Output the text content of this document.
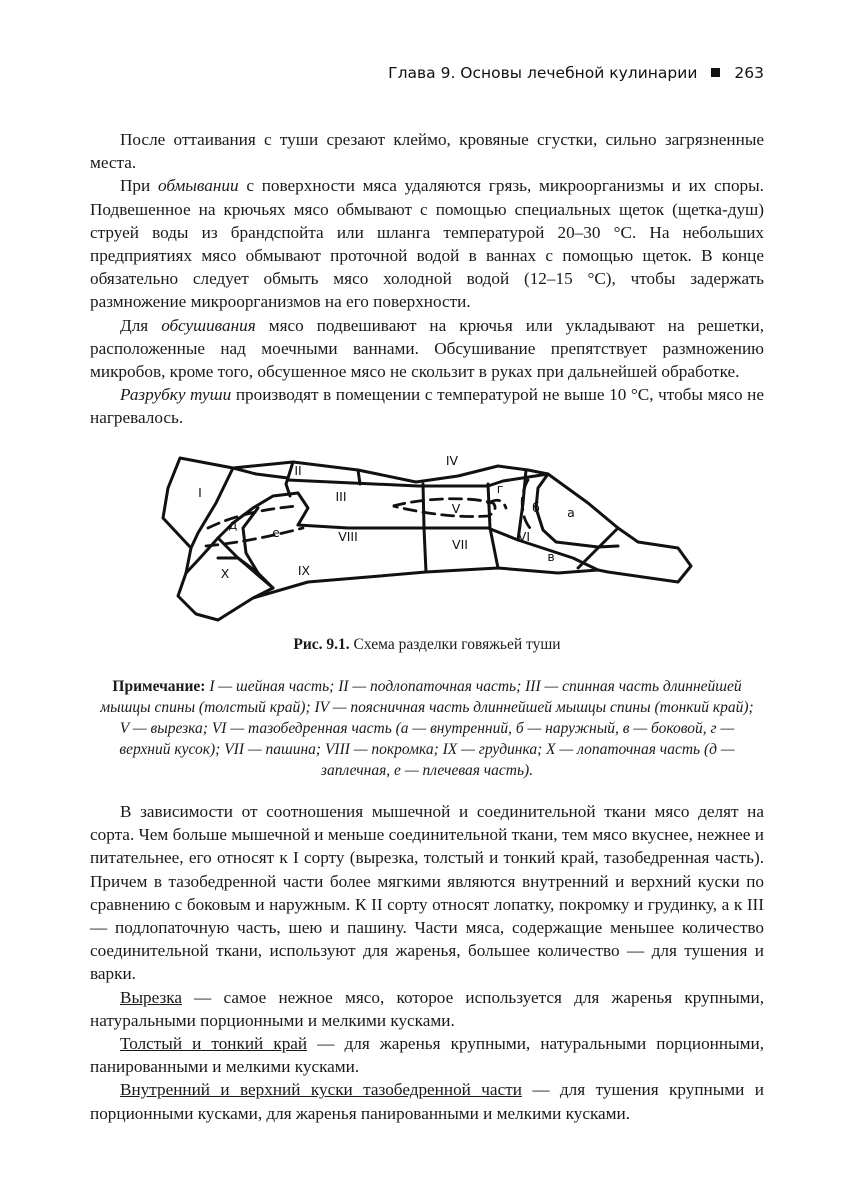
Глава 9. Основы лечебной кулинарии 263

После оттаивания с туши срезают клеймо, кровяные сгустки, сильно загрязненные места.

При обмывании с поверхности мяса удаляются грязь, микроорганизмы и их споры. Подвешенное на крючьях мясо обмывают с помощью специальных щеток (щетка-душ) струей воды из брандспойта или шланга температурой 20–30 °С. На небольших предприятиях мясо обмывают проточной водой в ваннах с помощью щеток. В конце обязательно следует обмыть мясо холодной водой (12–15 °С), чтобы задержать размножение микроорганизмов на его поверхности.

Для обсушивания мясо подвешивают на крючья или укладывают на решетки, расположенные над моечными ваннами. Обсушивание препятствует размножению микробов, кроме того, обсушенное мясо не скользит в руках при дальнейшей обработке.

Разрубку туши производят в помещении с температурой не выше 10 °С, чтобы мясо не нагревалось.

I
II
III
IV
V
VI
VII
VIII
IX
X
а
б
в
г
д
е
Рис. 9.1. Схема разделки говяжьей туши
Примечание: I — шейная часть; II — подлопаточная часть; III — спинная часть длиннейшей мышцы спины (толстый край); IV — поясничная часть длиннейшей мышцы спины (тонкий край); V — вырезка; VI — тазобедренная часть (а — внутренний, б — наружный, в — боковой, г — верхний кусок); VII — пашина; VIII — покромка; IX — грудинка; X — лопаточная часть (д — заплечная, е — плечевая часть).

В зависимости от соотношения мышечной и соединительной ткани мясо делят на сорта. Чем больше мышечной и меньше соединительной ткани, тем мясо вкуснее, нежнее и питательнее, его относят к I сорту (вырезка, толстый и тонкий край, тазобедренная часть). Причем в тазобедренной части более мягкими являются внутренний и верхний куски по сравнению с боковым и наружным. К II сорту относят лопатку, покромку и грудинку, а к III — подлопаточную часть, шею и пашину. Части мяса, содержащие меньшее количество соединительной ткани, используют для жаренья, большее количество — для тушения и варки.

Вырезка — самое нежное мясо, которое используется для жаренья крупными, натуральными порционными и мелкими кусками.

Толстый и тонкий край — для жаренья крупными, натуральными порционными, панированными и мелкими кусками.

Внутренний и верхний куски тазобедренной части — для тушения крупными и порционными кусками, для жаренья панированными и мелкими кусками.
